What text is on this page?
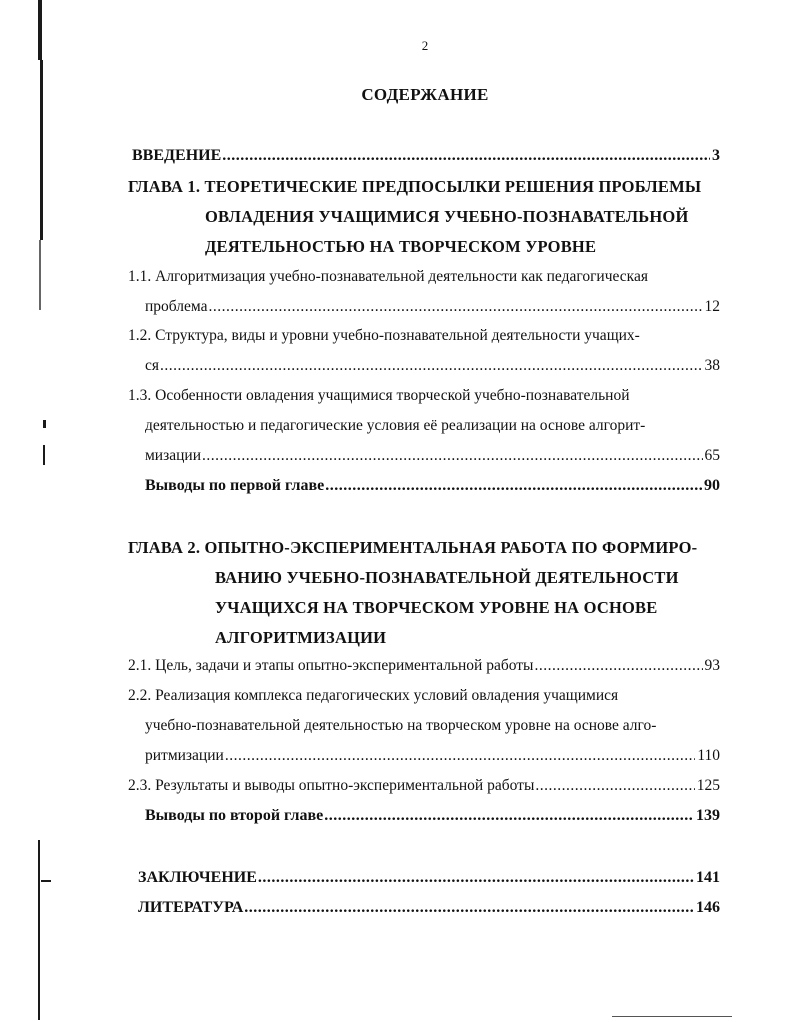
2
СОДЕРЖАНИЕ
ВВЕДЕНИЕ .....	3
ГЛАВА 1. ТЕОРЕТИЧЕСКИЕ ПРЕДПОСЫЛКИ РЕШЕНИЯ ПРОБЛЕМЫ
ОВЛАДЕНИЯ УЧАЩИМИСЯ УЧЕБНО-ПОЗНАВАТЕЛЬНОЙ
ДЕЯТЕЛЬНОСТЬЮ НА ТВОРЧЕСКОМ УРОВНЕ
1.1. Алгоритмизация учебно-познавательной деятельности как педагогическая
проблема .....	12
1.2. Структура, виды и уровни учебно-познавательной деятельности учащих-
ся .....	38
1.3. Особенности овладения учащимися творческой учебно-познавательной
деятельностью и педагогические условия её реализации на основе алгорит-
мизации .....	65
Выводы по первой главе .....	90
ГЛАВА 2. ОПЫТНО-ЭКСПЕРИМЕНТАЛЬНАЯ РАБОТА ПО ФОРМИРО-
ВАНИЮ УЧЕБНО-ПОЗНАВАТЕЛЬНОЙ ДЕЯТЕЛЬНОСТИ
УЧАЩИХСЯ НА ТВОРЧЕСКОМ УРОВНЕ НА ОСНОВЕ
АЛГОРИТМИЗАЦИИ
2.1. Цель, задачи и этапы опытно-экспериментальной работы .....	93
2.2. Реализация комплекса педагогических условий овладения учащимися
учебно-познавательной деятельностью на творческом уровне на основе алго-
ритмизации .....	110
2.3. Результаты и выводы опытно-экспериментальной работы .....	125
Выводы по второй главе .....	139
ЗАКЛЮЧЕНИЕ .....	141
ЛИТЕРАТУРА .....	146
